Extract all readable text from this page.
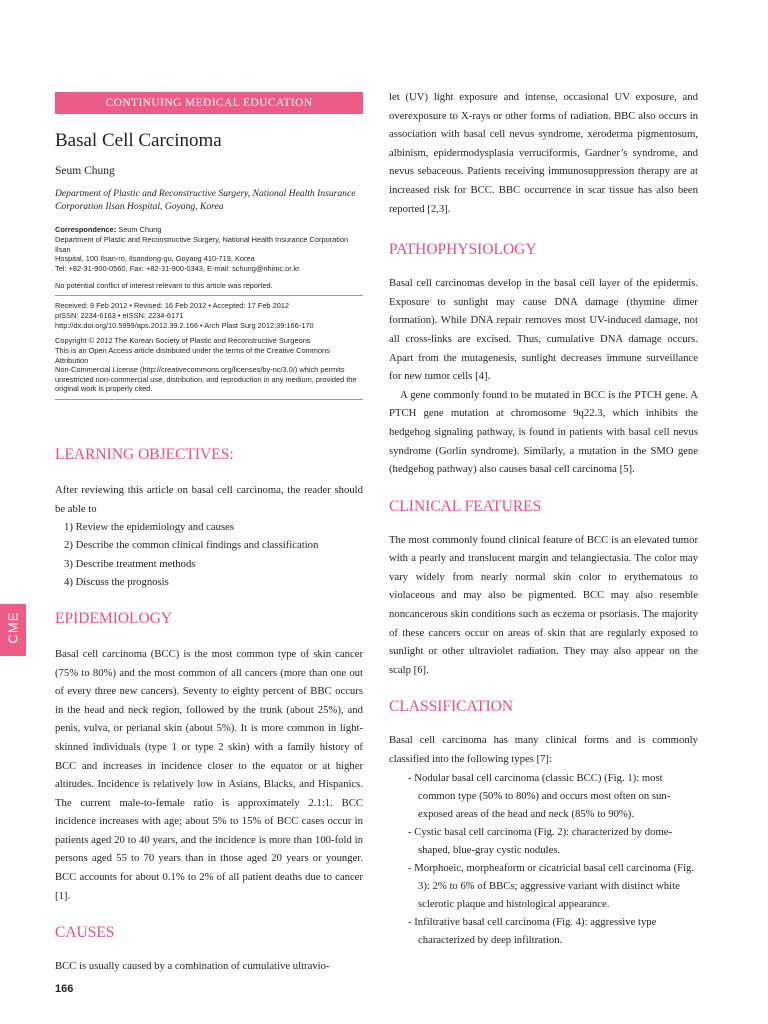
CONTINUING MEDICAL EDUCATION
Basal Cell Carcinoma
Seum Chung
Department of Plastic and Reconstructive Surgery, National Health Insurance Corporation Ilsan Hospital, Goyang, Korea
Correspondence: Seum Chung
Department of Plastic and Reconstructive Surgery, National Health Insurance Corporation Ilsan
Hospital, 100 Ilsan-ro, Ilsandong-gu, Goyang 410-719, Korea
Tel: +82-31-900-0560, Fax: +82-31-900-0343, E-mail: schung@nhimc.or.kr
No potential conflict of interest relevant to this article was reported.
Received: 9 Feb 2012 • Revised: 16 Feb 2012 • Accepted: 17 Feb 2012
pISSN: 2234-6163 • eISSN: 2234-6171
http://dx.doi.org/10.5999/aps.2012.39.2.166 • Arch Plast Surg 2012;39:166-170
Copyright © 2012 The Korean Society of Plastic and Reconstructive Surgeons
This is an Open Access article distributed under the terms of the Creative Commons Attribution
Non-Commercial License (http://creativecommons.org/licenses/by-nc/3.0/) which permits
unrestricted non-commercial use, distribution, and reproduction in any medium, provided the
original work is properly cited.
LEARNING OBJECTIVES:

After reviewing this article on basal cell carcinoma, the reader should be able to

1) Review the epidemiology and causes
2) Describe the common clinical findings and classification
3) Describe treatment methods
4) Discuss the prognosis
EPIDEMIOLOGY

Basal cell carcinoma (BCC) is the most common type of skin cancer (75% to 80%) and the most common of all cancers (more than one out of every three new cancers). Seventy to eighty percent of BBC occurs in the head and neck region, followed by the trunk (about 25%), and penis, vulva, or perianal skin (about 5%). It is more common in light-skinned individuals (type 1 or type 2 skin) with a family history of BCC and increases in incidence closer to the equator or at higher altitudes. Incidence is relatively low in Asians, Blacks, and Hispanics. The current male-to-female ratio is approximately 2.1:1. BCC incidence increases with age; about 5% to 15% of BCC cases occur in patients aged 20 to 40 years, and the incidence is more than 100-fold in persons aged 55 to 70 years than in those aged 20 years or younger. BCC accounts for about 0.1% to 2% of all patient deaths due to cancer [1].

CAUSES

BCC is usually caused by a combination of cumulative ultravio-

let (UV) light exposure and intense, occasional UV exposure, and overexposure to X-rays or other forms of radiation. BBC also occurs in association with basal cell nevus syndrome, xeroderma pigmentosum, albinism, epidermodysplasia verruciformis, Gardner’s syndrome, and nevus sebaceous. Patients receiving immunosuppression therapy are at increased risk for BCC. BBC occurrence in scar tissue has also been reported [2,3].

PATHOPHYSIOLOGY

Basal cell carcinomas develop in the basal cell layer of the epidermis. Exposure to sunlight may cause DNA damage (thymine dimer formation). While DNA repair removes most UV-induced damage, not all cross-links are excised. Thus, cumulative DNA damage occurs. Apart from the mutagenesis, sunlight decreases immune surveillance for new tumor cells [4].

A gene commonly found to be mutated in BCC is the PTCH gene. A PTCH gene mutation at chromosome 9q22.3, which inhibits the hedgehog signaling pathway, is found in patients with basal cell nevus syndrome (Gorlin syndrome). Similarly, a mutation in the SMO gene (hedgehog pathway) also causes basal cell carcinoma [5].

CLINICAL FEATURES

The most commonly found clinical feature of BCC is an elevated tumor with a pearly and translucent margin and telangiectasia. The color may vary widely from nearly normal skin color to erythematous to violaceous and may also be pigmented. BCC may also resemble noncancerous skin conditions such as eczema or psoriasis. The majority of these cancers occur on areas of skin that are regularly exposed to sunlight or other ultraviolet radiation. They may also appear on the scalp [6].

CLASSIFICATION

Basal cell carcinoma has many clinical forms and is commonly classified into the following types [7]:

- Nodular basal cell carcinoma (classic BCC) (Fig. 1): most common type (50% to 80%) and occurs most often on sun-exposed areas of the head and neck (85% to 90%).
- Cystic basal cell carcinoma (Fig. 2): characterized by dome-shaped, blue-gray cystic nodules.
- Morphoeic, morpheaform or cicatricial basal cell carcinoma (Fig. 3): 2% to 6% of BBCs; aggressive variant with distinct white sclerotic plaque and histological appearance.
- Infiltrative basal cell carcinoma (Fig. 4): aggressive type characterized by deep infiltration.
CME
166
